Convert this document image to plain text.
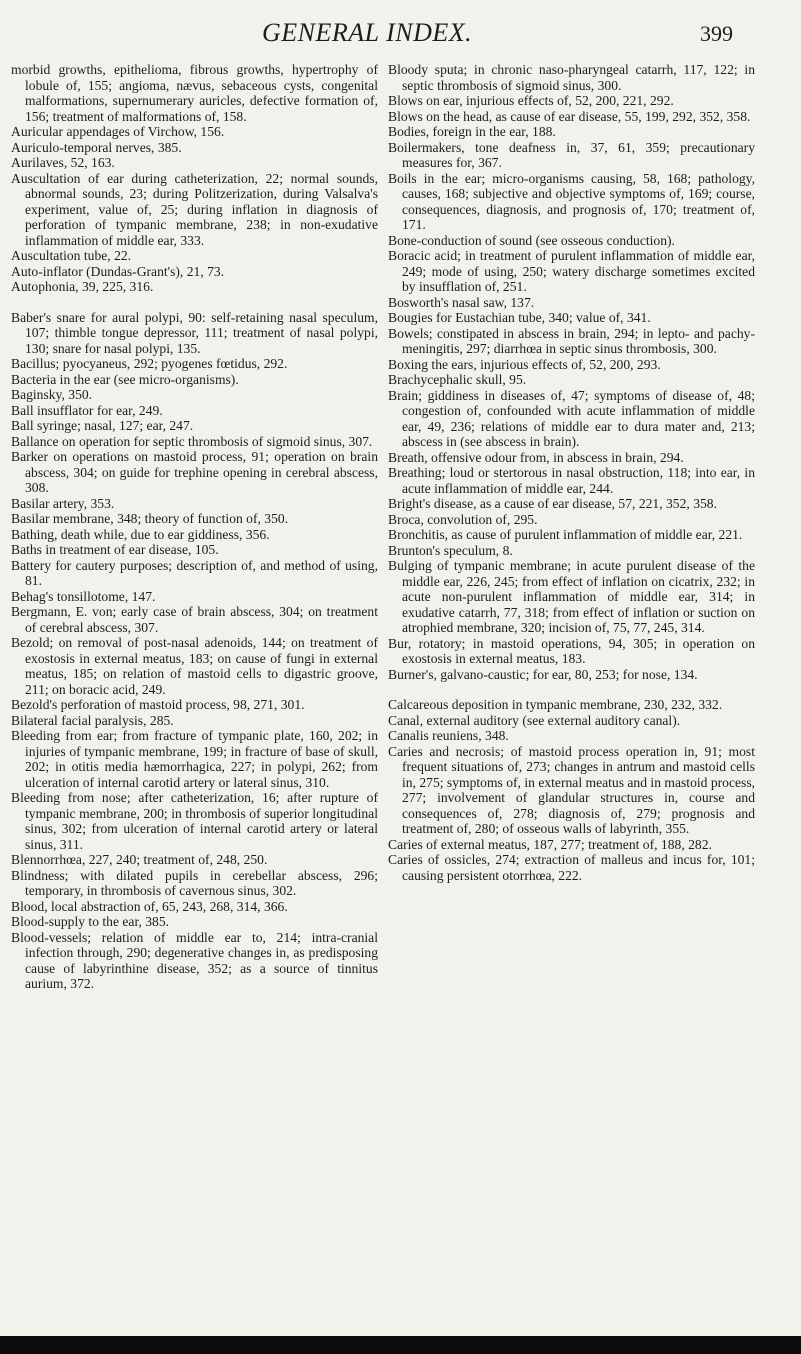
GENERAL INDEX.	399

morbid growths, epithelioma, fibrous growths, hypertrophy of lobule of, 155; angioma, nævus, sebaceous cysts, congenital malformations, supernumerary auricles, defective formation of, 156; treatment of malformations of, 158.

Auricular appendages of Virchow, 156.

Auriculo-temporal nerves, 385.

Aurilaves, 52, 163.

Auscultation of ear during catheterization, 22; normal sounds, abnormal sounds, 23; during Politzerization, during Valsalva's experiment, value of, 25; during inflation in diagnosis of perforation of tympanic membrane, 238; in non-exudative inflammation of middle ear, 333.

Auscultation tube, 22.

Auto-inflator (Dundas-Grant's), 21, 73.

Autophonia, 39, 225, 316.

Baber's snare for aural polypi, 90: self-retaining nasal speculum, 107; thimble tongue depressor, 111; treatment of nasal polypi, 130; snare for nasal polypi, 135.

Bacillus; pyocyaneus, 292; pyogenes fœtidus, 292.

Bacteria in the ear (see micro-organisms).

Baginsky, 350.

Ball insufflator for ear, 249.

Ball syringe; nasal, 127; ear, 247.

Ballance on operation for septic thrombosis of sigmoid sinus, 307.

Barker on operations on mastoid process, 91; operation on brain abscess, 304; on guide for trephine opening in cerebral abscess, 308.

Basilar artery, 353.

Basilar membrane, 348; theory of function of, 350.

Bathing, death while, due to ear giddiness, 356.

Baths in treatment of ear disease, 105.

Battery for cautery purposes; description of, and method of using, 81.

Behag's tonsillotome, 147.

Bergmann, E. von; early case of brain abscess, 304; on treatment of cerebral abscess, 307.

Bezold; on removal of post-nasal adenoids, 144; on treatment of exostosis in external meatus, 183; on cause of fungi in external meatus, 185; on relation of mastoid cells to digastric groove, 211; on boracic acid, 249.

Bezold's perforation of mastoid process, 98, 271, 301.

Bilateral facial paralysis, 285.

Bleeding from ear; from fracture of tympanic plate, 160, 202; in injuries of tympanic membrane, 199; in fracture of base of skull, 202; in otitis media hæmorrhagica, 227; in polypi, 262; from ulceration of internal carotid artery or lateral sinus, 310.

Bleeding from nose; after catheterization, 16; after rupture of tympanic membrane, 200; in thrombosis of superior longitudinal sinus, 302; from ulceration of internal carotid artery or lateral sinus, 311.

Blennorrhœa, 227, 240; treatment of, 248, 250.

Blindness; with dilated pupils in cerebellar abscess, 296; temporary, in thrombosis of cavernous sinus, 302.

Blood, local abstraction of, 65, 243, 268, 314, 366.

Blood-supply to the ear, 385.

Blood-vessels; relation of middle ear to, 214; intra-cranial infection through, 290; degenerative changes in, as predisposing cause of labyrinthine disease, 352; as a source of tinnitus aurium, 372.

Bloody sputa; in chronic naso-pharyngeal catarrh, 117, 122; in septic thrombosis of sigmoid sinus, 300.

Blows on ear, injurious effects of, 52, 200, 221, 292.

Blows on the head, as cause of ear disease, 55, 199, 292, 352, 358.

Bodies, foreign in the ear, 188.

Boilermakers, tone deafness in, 37, 61, 359; precautionary measures for, 367.

Boils in the ear; micro-organisms causing, 58, 168; pathology, causes, 168; subjective and objective symptoms of, 169; course, consequences, diagnosis, and prognosis of, 170; treatment of, 171.

Bone-conduction of sound (see osseous conduction).

Boracic acid; in treatment of purulent inflammation of middle ear, 249; mode of using, 250; watery discharge sometimes excited by insufflation of, 251.

Bosworth's nasal saw, 137.

Bougies for Eustachian tube, 340; value of, 341.

Bowels; constipated in abscess in brain, 294; in lepto- and pachy-meningitis, 297; diarrhœa in septic sinus thrombosis, 300.

Boxing the ears, injurious effects of, 52, 200, 293.

Brachycephalic skull, 95.

Brain; giddiness in diseases of, 47; symptoms of disease of, 48; congestion of, confounded with acute inflammation of middle ear, 49, 236; relations of middle ear to dura mater and, 213; abscess in (see abscess in brain).

Breath, offensive odour from, in abscess in brain, 294.

Breathing; loud or stertorous in nasal obstruction, 118; into ear, in acute inflammation of middle ear, 244.

Bright's disease, as a cause of ear disease, 57, 221, 352, 358.

Broca, convolution of, 295.

Bronchitis, as cause of purulent inflammation of middle ear, 221.

Brunton's speculum, 8.

Bulging of tympanic membrane; in acute purulent disease of the middle ear, 226, 245; from effect of inflation on cicatrix, 232; in acute non-purulent inflammation of middle ear, 314; in exudative catarrh, 77, 318; from effect of inflation or suction on atrophied membrane, 320; incision of, 75, 77, 245, 314.

Bur, rotatory; in mastoid operations, 94, 305; in operation on exostosis in external meatus, 183.

Burner's, galvano-caustic; for ear, 80, 253; for nose, 134.

Calcareous deposition in tympanic membrane, 230, 232, 332.

Canal, external auditory (see external auditory canal).

Canalis reuniens, 348.

Caries and necrosis; of mastoid process operation in, 91; most frequent situations of, 273; changes in antrum and mastoid cells in, 275; symptoms of, in external meatus and in mastoid process, 277; involvement of glandular structures in, course and consequences of, 278; diagnosis of, 279; prognosis and treatment of, 280; of osseous walls of labyrinth, 355.

Caries of external meatus, 187, 277; treatment of, 188, 282.

Caries of ossicles, 274; extraction of malleus and incus for, 101; causing persistent otorrhœa, 222.
